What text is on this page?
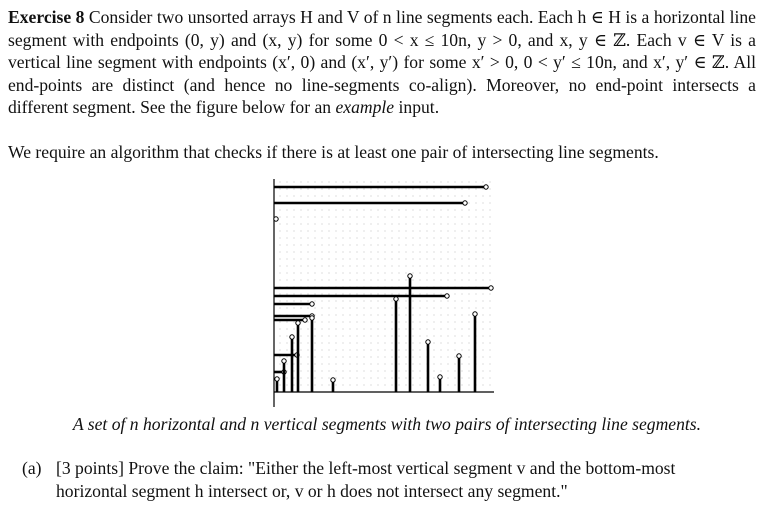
Exercise 8 Consider two unsorted arrays H and V of n line segments each. Each h ∈ H is a horizontal line segment with endpoints (0, y) and (x, y) for some 0 < x ≤ 10n, y > 0, and x, y ∈ ℤ. Each v ∈ V is a vertical line segment with endpoints (x′, 0) and (x′, y′) for some x′ > 0, 0 < y′ ≤ 10n, and x′, y′ ∈ ℤ. All end-points are distinct (and hence no line-segments co-align). Moreover, no end-point intersects a different segment. See the figure below for an example input.
We require an algorithm that checks if there is at least one pair of intersecting line segments.
A set of n horizontal and n vertical segments with two pairs of intersecting line segments.
(a) [3 points] Prove the claim: "Either the left-most vertical segment v and the bottom-most
horizontal segment h intersect or, v or h does not intersect any segment."
